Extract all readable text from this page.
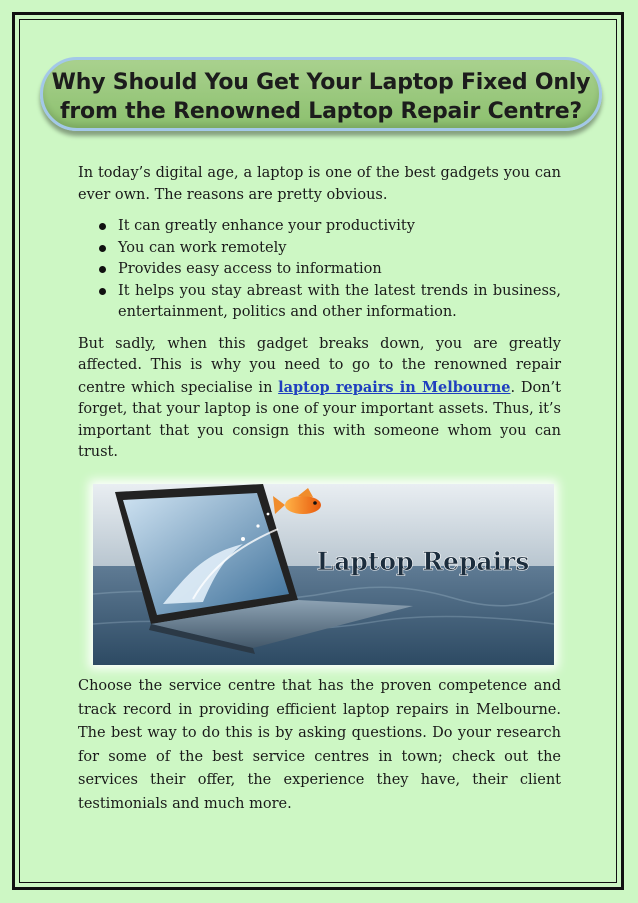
Why Should You Get Your Laptop Fixed Only
from the Renowned Laptop Repair Centre?

In today’s digital age, a laptop is one of the best gadgets you can ever own. The reasons are pretty obvious.

It can greatly enhance your productivity
You can work remotely
Provides easy access to information
It helps you stay abreast with the latest trends in business, entertainment, politics and other information.

But sadly, when this gadget breaks down, you are greatly affected. This is why you need to go to the renowned repair centre which specialise in laptop repairs in Melbourne. Don’t forget, that your laptop is one of your important assets. Thus, it’s important that you consign this with someone whom you can trust.

Laptop Repairs

Choose the service centre that has the proven competence and track record in providing efficient laptop repairs in Melbourne. The best way to do this is by asking questions. Do your research for some of the best service centres in town; check out the services their offer, the experience they have, their client testimonials and much more.
